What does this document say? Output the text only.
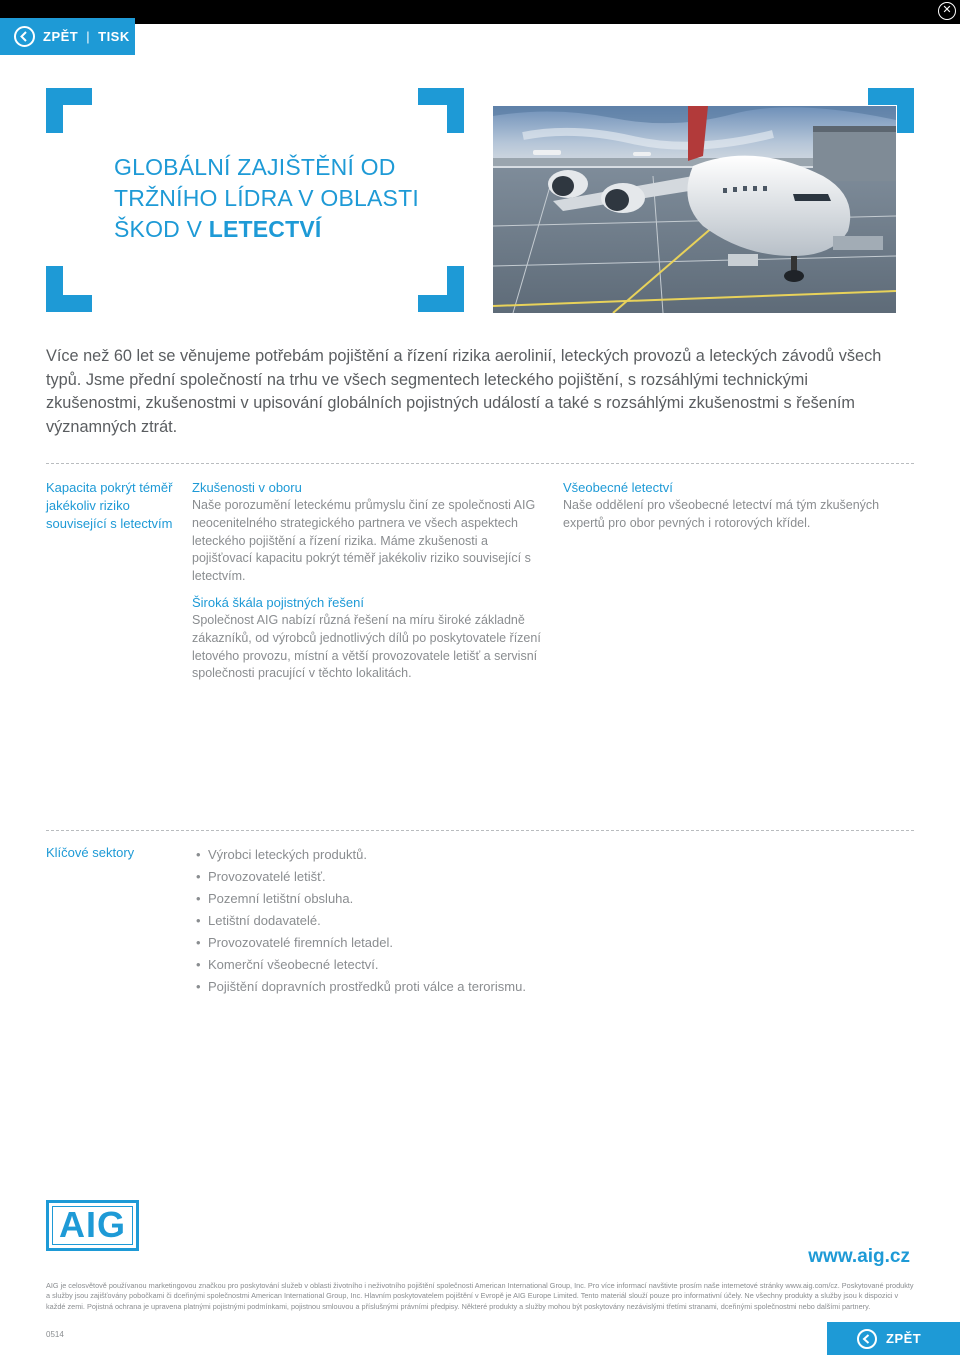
✕
ZPĚT | TISK
GLOBÁLNÍ ZAJIŠTĚNÍ OD
TRŽNÍHO LÍDRA V OBLASTI
ŠKOD V LETECTVÍ

Více než 60 let se věnujeme potřebám pojištění a řízení rizika aerolinií, leteckých provozů a leteckých závodů všech typů. Jsme přední společností na trhu ve všech segmentech leteckého pojištění, s rozsáhlými technickými zkušenostmi, zkušenostmi v upisování globálních pojistných událostí a také s rozsáhlými zkušenostmi s řešením významných ztrát.

Kapacita pokrýt téměř jakékoliv riziko související s letectvím
Zkušenosti v oboru

Naše porozumění leteckému průmyslu činí ze společnosti AIG neocenitelného strategického partnera ve všech aspektech leteckého pojištění a řízení rizika. Máme zkušenosti a pojišťovací kapacitu pokrýt téměř jakékoliv riziko související s letectvím.

Široká škála pojistných řešení

Společnost AIG nabízí různá řešení na míru široké základně zákazníků, od výrobců jednotlivých dílů po poskytovatele řízení letového provozu, místní a větší provozovatele letišť a servisní společnosti pracující v těchto lokalitách.

Všeobecné letectví

Naše oddělení pro všeobecné letectví má tým zkušených expertů pro obor pevných i rotorových křídel.

Klíčové sektory
•	Výrobci leteckých produktů.
• Provozovatelé letišť.
• Pozemní letištní obsluha.
• Letištní dodavatelé.
• Provozovatelé firemních letadel.
• Komerční všeobecné letectví.
• Pojištění dopravních prostředků proti válce a terorismu.
AIG
www.aig.cz

AIG je celosvětově používanou marketingovou značkou pro poskytování služeb v oblasti životního i neživotního pojištění společnosti American International Group, Inc. Pro více informací navštivte prosím naše internetové stránky www.aig.com/cz. Poskytované produkty a služby jsou zajišťovány pobočkami či dceřinými společnostmi American International Group, Inc. Hlavním poskytovatelem pojištění v Evropě je AIG Europe Limited. Tento materiál slouží pouze pro informativní účely. Ne všechny produkty a služby jsou k dispozici v každé zemi. Pojistná ochrana je upravena platnými pojistnými podmínkami, pojistnou smlouvou a příslušnými právními předpisy. Některé produkty a služby mohou být poskytovány nezávislými třetími stranami, dceřinými společnostmi nebo dalšími partnery.

0514	ZPĚT
